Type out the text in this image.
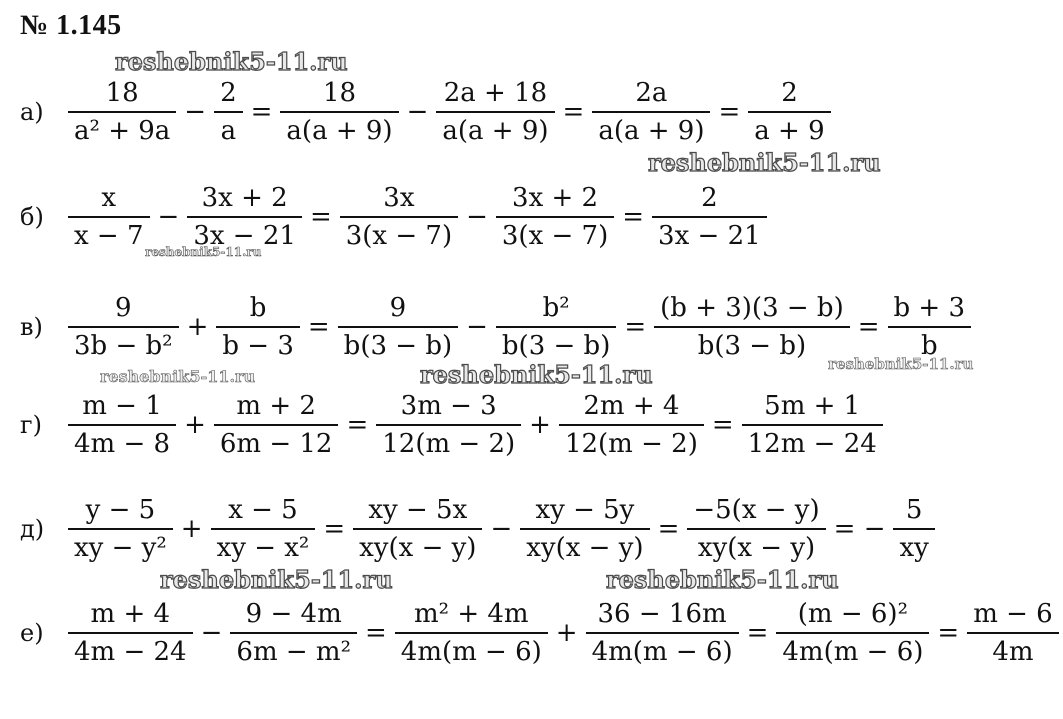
№ 1.145
$а) \frac{18}{\text{a² + 9a}} - \frac{2}{a} = \frac{18}{a(a + 9)} - \frac{2a + 18}{a(a + 9)} = \frac{2a}{a(a + 9)} = \frac{2}{a + 9}$
$б) \frac{x}{x - 7} - \frac{3x + 2}{3x - 21} = \frac{3x}{3(x - 7)} - \frac{3x + 2}{3(x - 7)} = \frac{2}{3x - 21}$
$в) \frac{9}{\text{3b − b²}} + \frac{b}{b - 3} = \frac{9}{b(3 - b)} - \frac{\text{b²}}{b(3 - b)} = \frac{(b + 3)(3 - b)}{b(3 - b)} = \frac{b + 3}{b}$
г)	$\frac{m - 1}{4m - 8} + \frac{m + 2}{6m - 12} = \frac{3m - 3}{12(m - 2)} + \frac{2m + 4}{12(m - 2)} = \frac{5m + 1}{12m - 24}$
$д) \frac{y - 5}{\text{xy − y²}} + \frac{x - 5}{\text{xy − x²}} = \frac{xy - 5x}{xy(x - y)} - \frac{xy - 5y}{xy(x - y)} = \frac{-5(x - y)}{xy(x - y)}$ = − $\frac{5}{xy}$
$е) \frac{m + 4}{4m - 24} - \frac{9 - 4m}{\text{6m − m²}} = \frac{\text{m² + 4m}}{4m(m - 6)} + \frac{36 - 16m}{4m(m - 6)} = \frac{\text{(m − 6)²}}{4m(m - 6)} = \frac{m - 6}{4m}$
reshebnik5-11.ru
reshebnik5-11.ru
reshebnik5-11.ru
reshebnik5-11.ru
reshebnik5-11.ru
reshebnik5-11.ru
reshebnik5-11.ru	reshebnik5-11.ru
